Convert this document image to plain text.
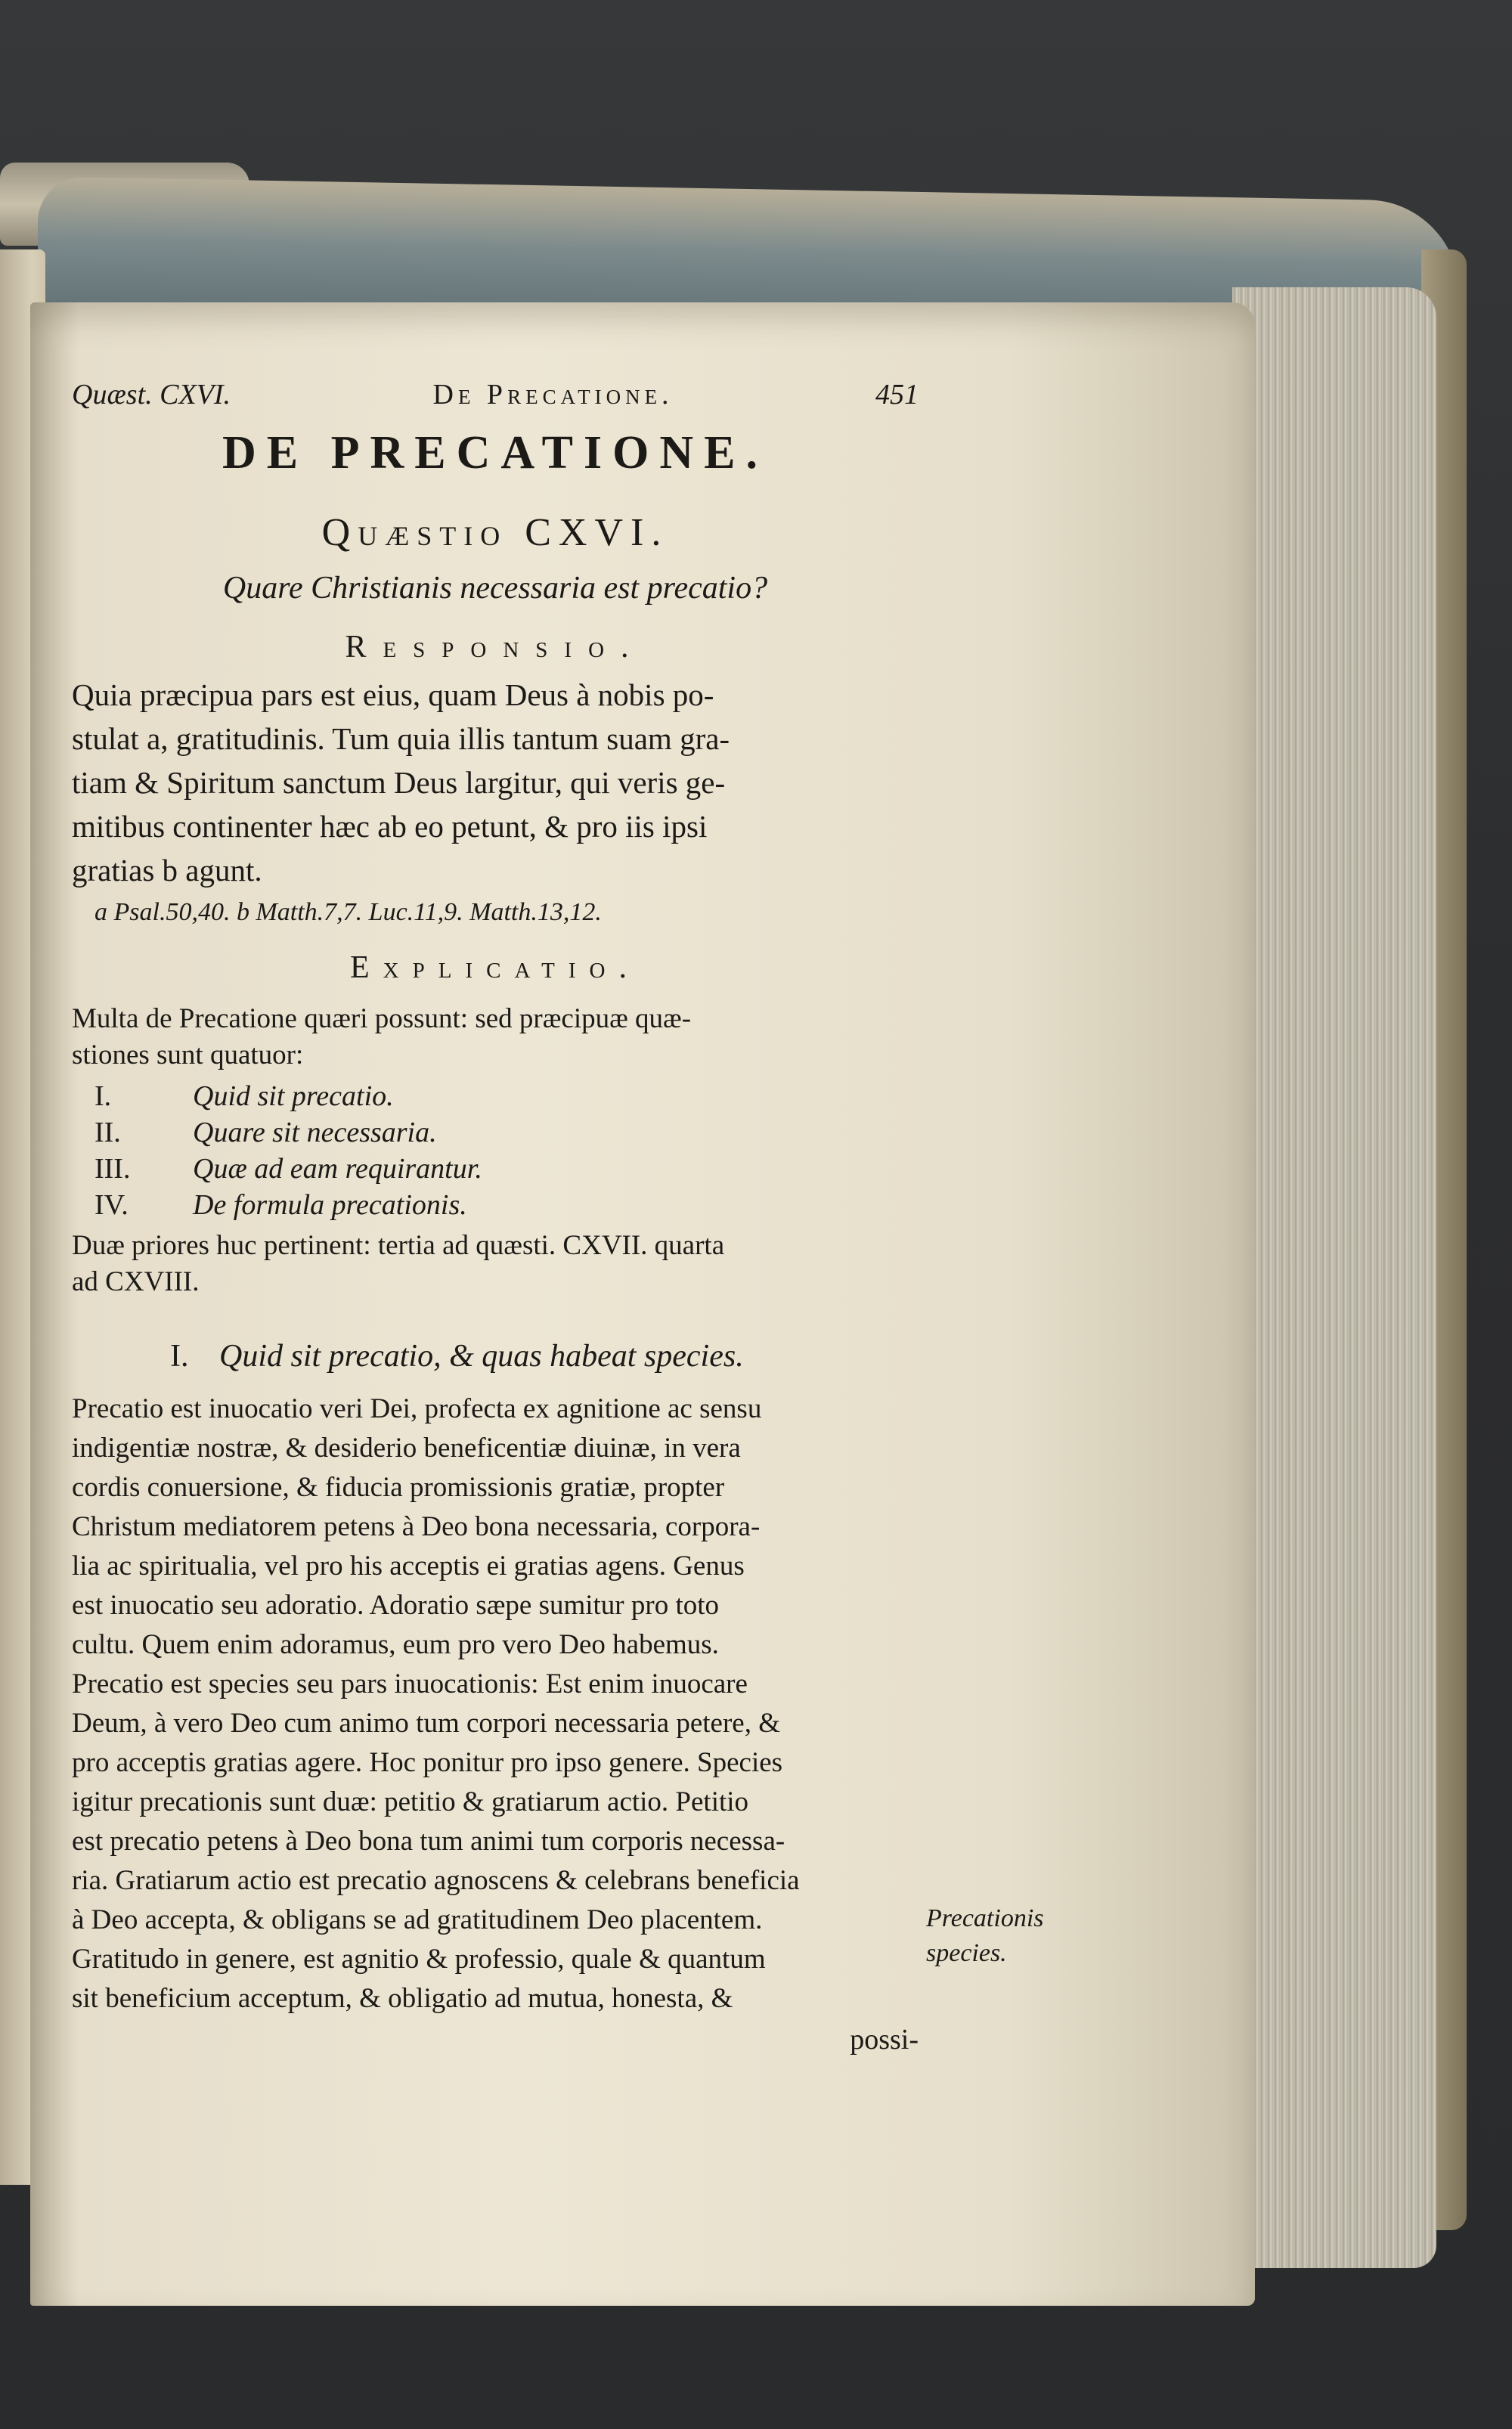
Quæst. CXVI.	De Precatione.	451
DE PRECATIONE.
Quæstio CXVI.
Quare Christianis necessaria est precatio?
Responsio.
Quia præcipua pars est eius, quam Deus à nobis po-
stulat a, gratitudinis. Tum quia illis tantum suam gra-
tiam & Spiritum sanctum Deus largitur, qui veris ge-
mitibus continenter hæc ab eo petunt, & pro iis ipsi
gratias b agunt.
a Psal.50,40. b Matth.7,7. Luc.11,9. Matth.13,12.
Explicatio.
Multa de Precatione quæri possunt: sed præcipuæ quæ-
stiones sunt quatuor:
I.	Quid sit precatio.
II.	Quare sit necessaria.
III.	Quæ ad eam requirantur.
IV.	De formula precationis.
Duæ priores huc pertinent: tertia ad quæsti. CXVII. quarta
ad CXVIII.
I. Quid sit precatio, & quas habeat species.
Precatio est inuocatio veri Dei, profecta ex agnitione ac sensu
indigentiæ nostræ, & desiderio beneficentiæ diuinæ, in vera
cordis conuersione, & fiducia promissionis gratiæ, propter
Christum mediatorem petens à Deo bona necessaria, corpora-
lia ac spiritualia, vel pro his acceptis ei gratias agens. Genus
est inuocatio seu adoratio. Adoratio sæpe sumitur pro toto
cultu. Quem enim adoramus, eum pro vero Deo habemus.
Precatio est species seu pars inuocationis: Est enim inuocare
Deum, à vero Deo cum animo tum corpori necessaria petere, &
pro acceptis gratias agere. Hoc ponitur pro ipso genere. Species
igitur precationis sunt duæ: petitio & gratiarum actio. Petitio
est precatio petens à Deo bona tum animi tum corporis necessa-
ria. Gratiarum actio est precatio agnoscens & celebrans beneficia
à Deo accepta, & obligans se ad gratitudinem Deo placentem.
Gratitudo in genere, est agnitio & professio, quale & quantum
sit beneficium acceptum, & obligatio ad mutua, honesta, &
possi-
Precationis
species.
